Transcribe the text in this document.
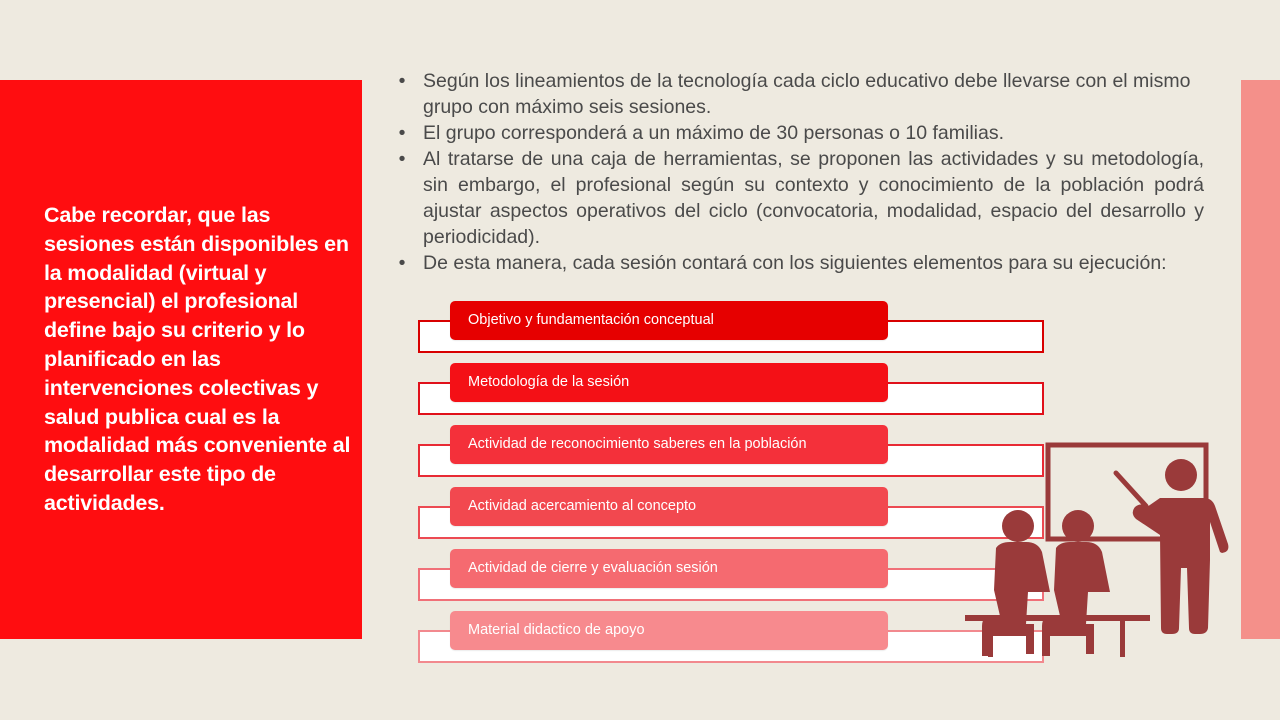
Cabe recordar, que las sesiones están disponibles en la modalidad (virtual y presencial) el profesional define bajo su criterio y lo planificado en las intervenciones colectivas y salud publica cual es la modalidad más conveniente al desarrollar este tipo de actividades.
• Según los lineamientos de la tecnología cada ciclo educativo debe llevarse con el mismo grupo con máximo seis sesiones.
• El grupo corresponderá a un máximo de 30 personas o 10 familias.
• Al tratarse de una caja de herramientas, se proponen las actividades y su metodología, sin embargo, el profesional según su contexto y conocimiento de la población podrá ajustar aspectos operativos del ciclo (convocatoria, modalidad, espacio del desarrollo y periodicidad).
• De esta manera, cada sesión contará con los siguientes elementos para su ejecución:
Objetivo y fundamentación conceptual
Metodología de la sesión
Actividad de reconocimiento saberes en la población
Actividad acercamiento al concepto
Actividad de cierre y evaluación sesión
Material didactico de apoyo
